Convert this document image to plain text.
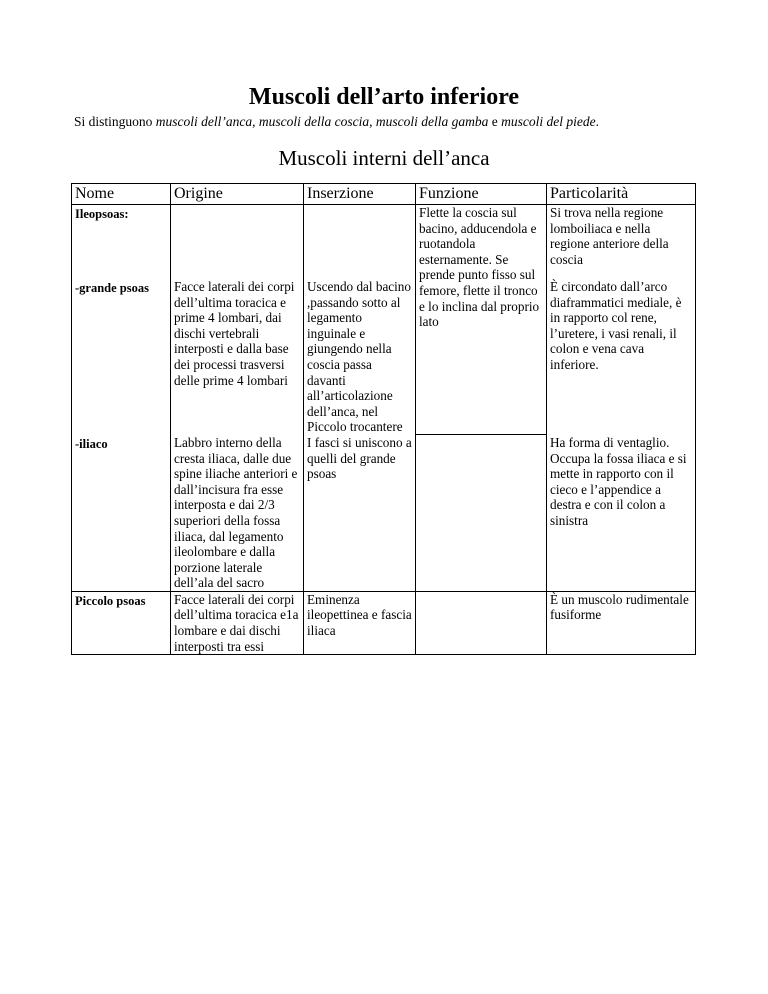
Muscoli dell’arto inferiore
Si distinguono muscoli dell’anca, muscoli della coscia, muscoli della gamba e muscoli del piede.
Muscoli interni dell’anca
Nome	Origine	Inserzione	Funzione	Particolarità
Ileopsoas:			Flette la coscia sul bacino, adducendola e ruotandola esternamente. Se prende punto fisso sul femore, flette il tronco e lo inclina dal proprio lato	Si trova nella regione lomboiliaca e nella regione anteriore della coscia
-grande psoas	Facce laterali dei corpi dell’ultima toracica e prime 4 lombari, dai dischi vertebrali interposti e dalla base dei processi trasversi delle prime 4 lombari	Uscendo dal bacino ,passando sotto al legamento inguinale e giungendo nella coscia passa davanti all’articolazione dell’anca, nel Piccolo trocantere		È circondato dall’arco diaframmatici mediale, è in rapporto col rene, l’uretere, i vasi renali, il colon e vena cava inferiore.
-iliaco	Labbro interno della cresta iliaca, dalle due spine iliache anteriori e dall’incisura fra esse interposta e dai 2/3 superiori della fossa iliaca, dal legamento ileolombare e dalla porzione laterale dell’ala del sacro	I fasci si uniscono a quelli del grande psoas		Ha forma di ventaglio. Occupa la fossa iliaca e si mette in rapporto con il cieco e l’appendice a destra e con il colon a sinistra
Piccolo psoas	Facce laterali dei corpi dell’ultima toracica e1a lombare e dai dischi interposti tra essi	Eminenza ileopettinea e fascia iliaca		È un muscolo rudimentale fusiforme
